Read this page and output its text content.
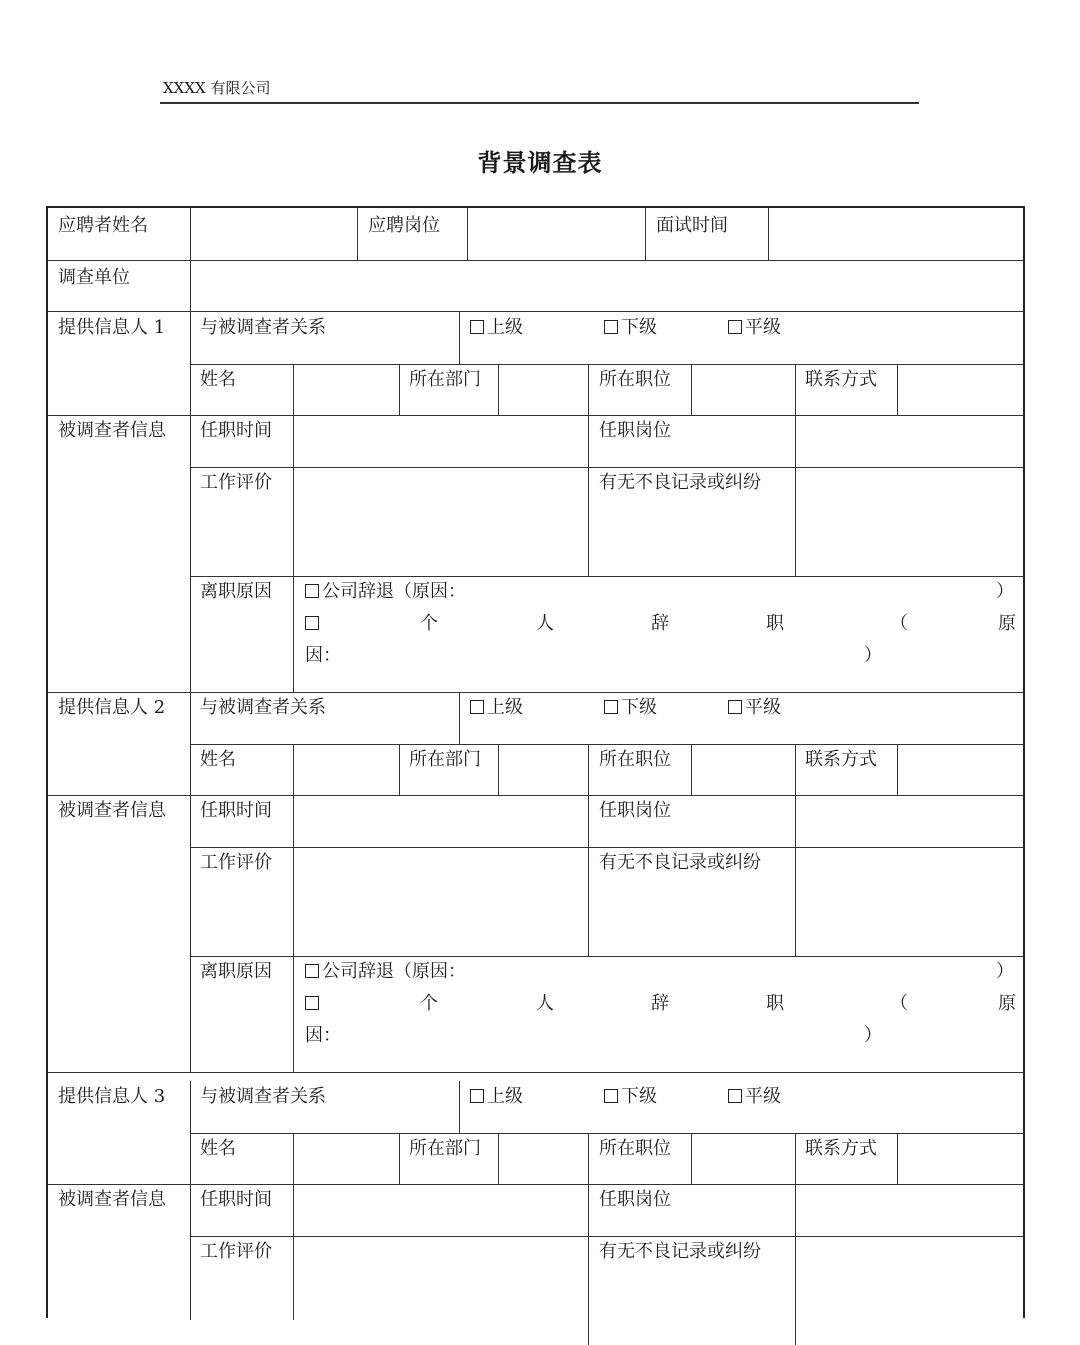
XXXX 有限公司
背景调查表
应聘者姓名	应聘岗位	面试时间
调查单位
提供信息人 1 与被调查者关系	上级	下级	平级
姓名	所在部门	所在职位	联系方式
被调查者信息 任职时间	任职岗位
工作评价	有无不良记录或纠纷
离职原因	公司辞退（原因：	）
个	人	辞	职	（	原
因：	）
提供信息人 2 与被调查者关系	上级	下级	平级
姓名	所在部门	所在职位	联系方式
被调查者信息 任职时间	任职岗位
工作评价	有无不良记录或纠纷
离职原因	公司辞退（原因：	）
个	人	辞	职	（	原
因：	）
提供信息人 3 与被调查者关系	上级	下级	平级
姓名	所在部门	所在职位	联系方式
被调查者信息 任职时间	任职岗位
工作评价	有无不良记录或纠纷
